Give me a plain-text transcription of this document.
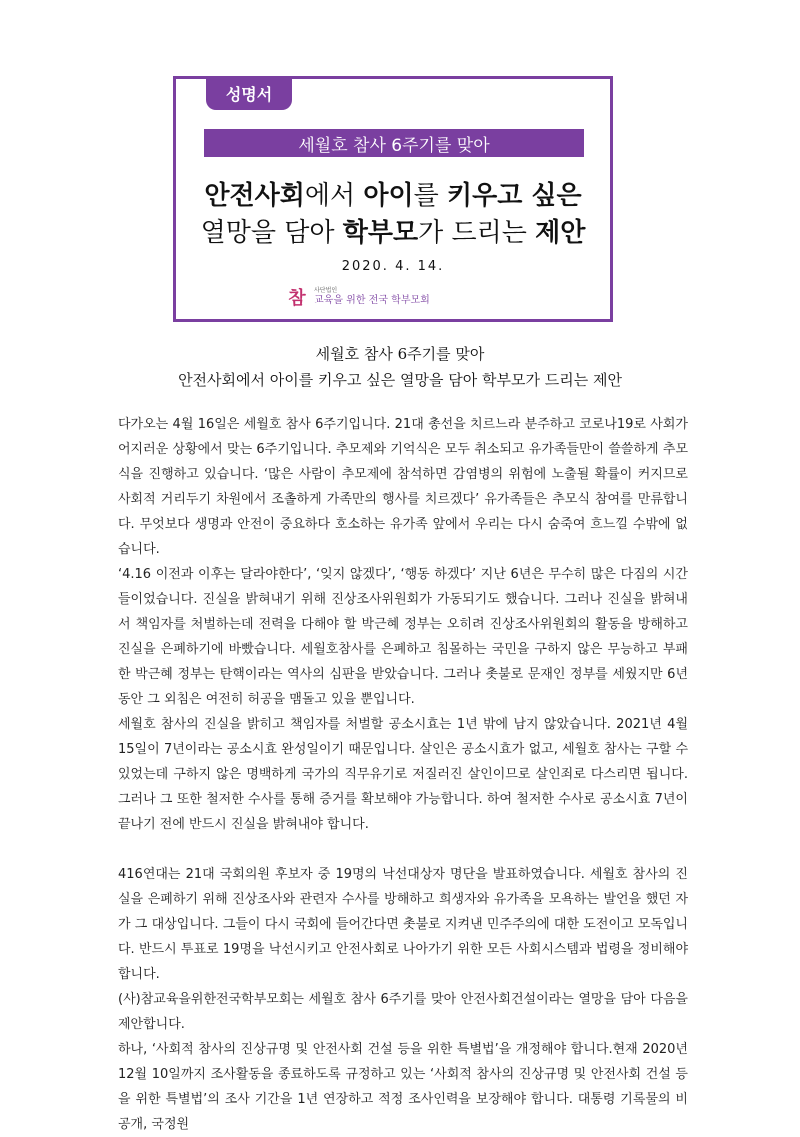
성명서
세월호 참사 6주기를 맞아
안전사회에서 아이를 키우고 싶은
열망을 담아 학부모가 드리는 제안
2020. 4. 14.
참	사단법인
교육을 위한 전국 학부모회
세월호 참사 6주기를 맞아
안전사회에서 아이를 키우고 싶은 열망을 담아 학부모가 드리는 제안

다가오는 4월 16일은 세월호 참사 6주기입니다. 21대 총선을 치르느라 분주하고 코로나19로 사회가 어지러운 상황에서 맞는 6주기입니다. 추모제와 기억식은 모두 취소되고 유가족들만이 쓸쓸하게 추모식을 진행하고 있습니다. ‘많은 사람이 추모제에 참석하면 감염병의 위험에 노출될 확률이 커지므로 사회적 거리두기 차원에서 조촐하게 가족만의 행사를 치르겠다’ 유가족들은 추모식 참여를 만류합니다. 무엇보다 생명과 안전이 중요하다 호소하는 유가족 앞에서 우리는 다시 숨죽여 흐느낄 수밖에 없습니다.

‘4.16 이전과 이후는 달라야한다’, ‘잊지 않겠다’, ‘행동 하겠다’ 지난 6년은 무수히 많은 다짐의 시간들이었습니다. 진실을 밝혀내기 위해 진상조사위원회가 가동되기도 했습니다. 그러나 진실을 밝혀내서 책임자를 처벌하는데 전력을 다해야 할 박근혜 정부는 오히려 진상조사위원회의 활동을 방해하고 진실을 은폐하기에 바빴습니다. 세월호참사를 은폐하고 침몰하는 국민을 구하지 않은 무능하고 부패한 박근혜 정부는 탄핵이라는 역사의 심판을 받았습니다. 그러나 촛불로 문재인 정부를 세웠지만 6년 동안 그 외침은 여전히 허공을 맴돌고 있을 뿐입니다.

세월호 참사의 진실을 밝히고 책임자를 처벌할 공소시효는 1년 밖에 남지 않았습니다. 2021년 4월 15일이 7년이라는 공소시효 완성일이기 때문입니다. 살인은 공소시효가 없고, 세월호 참사는 구할 수 있었는데 구하지 않은 명백하게 국가의 직무유기로 저질러진 살인이므로 살인죄로 다스리면 됩니다. 그러나 그 또한 철저한 수사를 통해 증거를 확보해야 가능합니다. 하여 철저한 수사로 공소시효 7년이 끝나기 전에 반드시 진실을 밝혀내야 합니다.

416연대는 21대 국회의원 후보자 중 19명의 낙선대상자 명단을 발표하였습니다. 세월호 참사의 진실을 은폐하기 위해 진상조사와 관련자 수사를 방해하고 희생자와 유가족을 모욕하는 발언을 했던 자가 그 대상입니다. 그들이 다시 국회에 들어간다면 촛불로 지켜낸 민주주의에 대한 도전이고 모독입니다. 반드시 투표로 19명을 낙선시키고 안전사회로 나아가기 위한 모든 사회시스템과 법령을 정비해야 합니다.

(사)참교육을위한전국학부모회는 세월호 참사 6주기를 맞아 안전사회건설이라는 열망을 담아 다음을 제안합니다.

하나, ‘사회적 참사의 진상규명 및 안전사회 건설 등을 위한 특별법’을 개정해야 합니다.현재 2020년 12월 10일까지 조사활동을 종료하도록 규정하고 있는 ‘사회적 참사의 진상규명 및 안전사회 건설 등을 위한 특별법’의 조사 기간을 1년 연장하고 적정 조사인력을 보장해야 합니다. 대통령 기록물의 비공개, 국정원
